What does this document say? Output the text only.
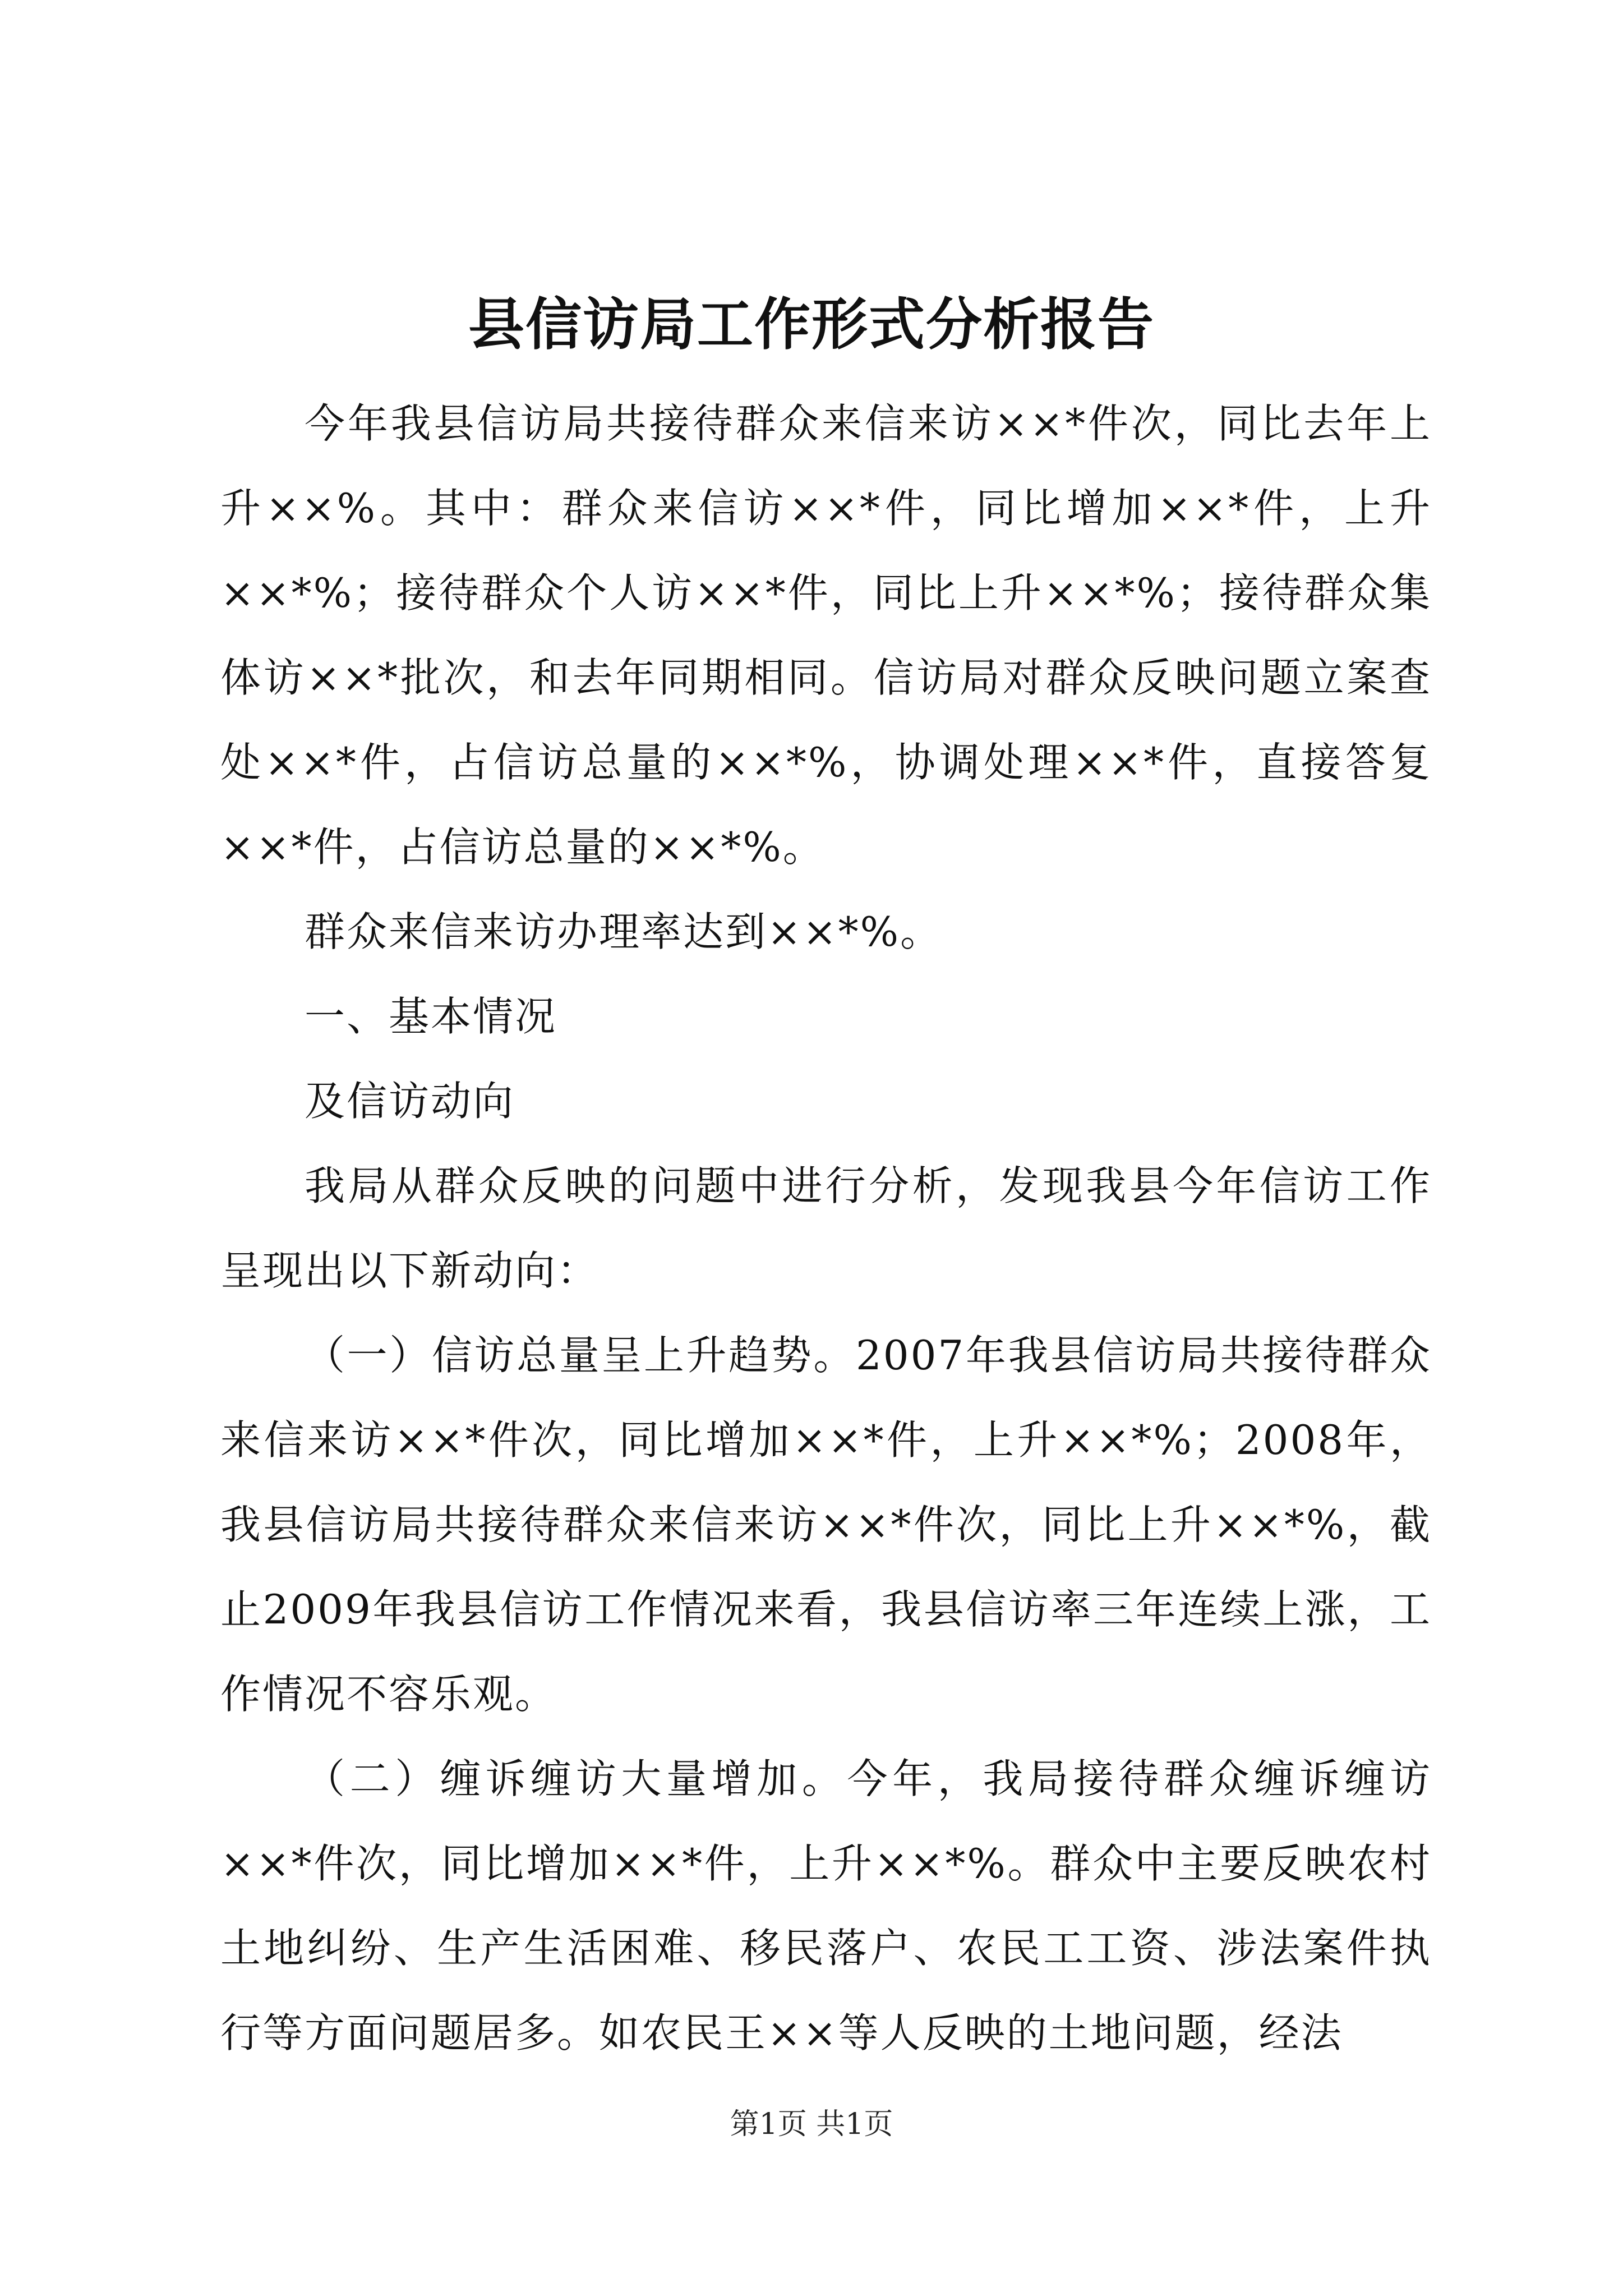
县信访局工作形式分析报告

今年我县信访局共接待群众来信来访××*件次，同比去年上升××%。其中：群众来信访××*件，同比增加××*件，上升××*%；接待群众个人访××*件，同比上升××*%；接待群众集体访××*批次，和去年同期相同。信访局对群众反映问题立案查处××*件，占信访总量的××*%，协调处理××*件，直接答复××*件，占信访总量的××*%。

群众来信来访办理率达到××*%。

一、基本情况

及信访动向

我局从群众反映的问题中进行分析，发现我县今年信访工作呈现出以下新动向：

（一）信访总量呈上升趋势。2007年我县信访局共接待群众来信来访××*件次，同比增加××*件，上升××*%；2008年，我县信访局共接待群众来信来访××*件次，同比上升××*%，截止2009年我县信访工作情况来看，我县信访率三年连续上涨，工作情况不容乐观。

（二）缠诉缠访大量增加。今年，我局接待群众缠诉缠访××*件次，同比增加××*件，上升××*%。群众中主要反映农村土地纠纷、生产生活困难、移民落户、农民工工资、涉法案件执行等方面问题居多。如农民王××等人反映的土地问题，经法

第1页 共1页
